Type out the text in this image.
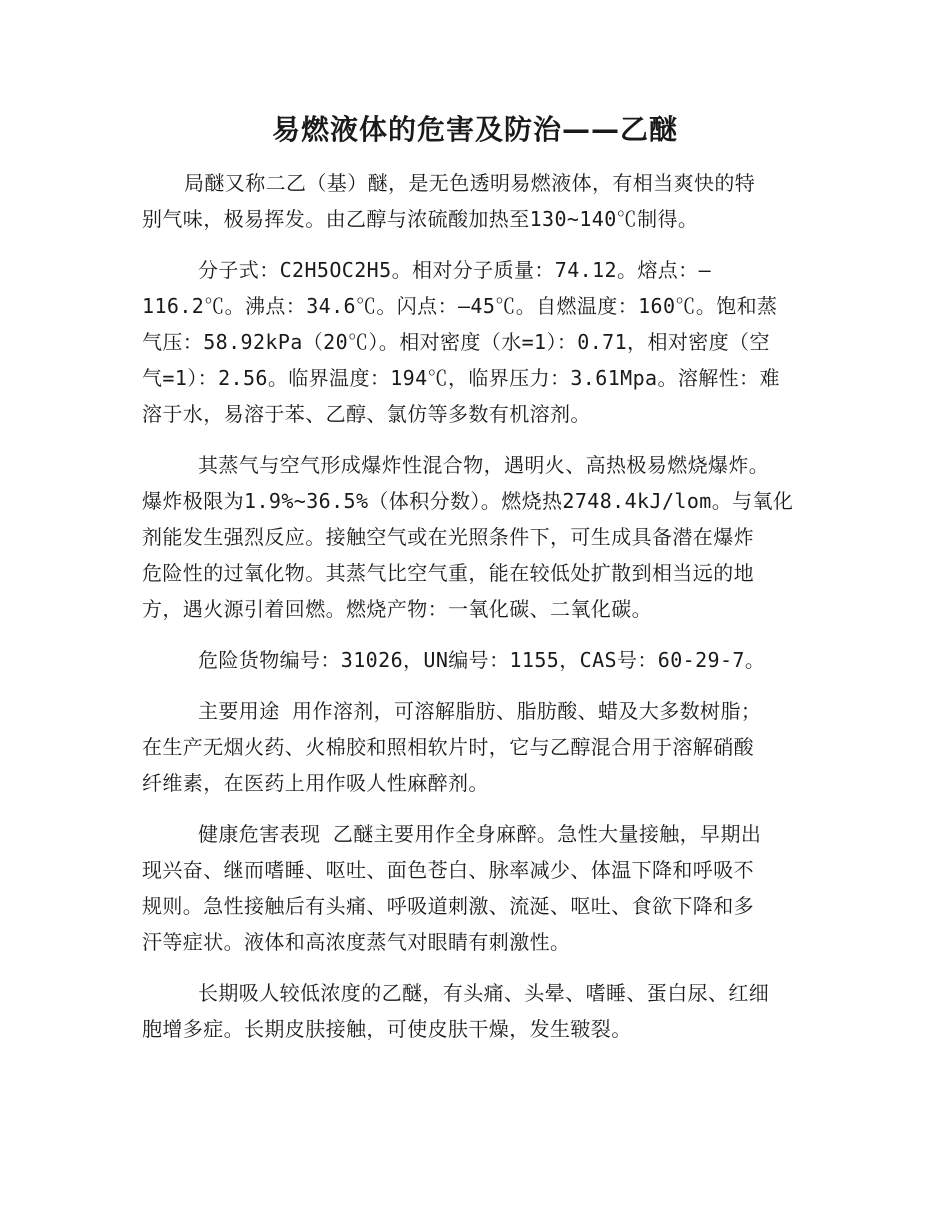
易燃液体的危害及防治——乙醚
局醚又称二乙（基）醚，是无色透明易燃液体，有相当爽快的特
别气味，极易挥发。由乙醇与浓硫酸加热至130~140℃制得。
分子式：C2H5OC2H5。相对分子质量：74.12。熔点：—
116.2℃。沸点：34.6℃。闪点：—45℃。自燃温度：160℃。饱和蒸
气压：58.92kPa（20℃）。相对密度（水=1）：0.71，相对密度（空
气=1）：2.56。临界温度：194℃，临界压力：3.61Mpa。溶解性：难
溶于水，易溶于苯、乙醇、氯仿等多数有机溶剂。
其蒸气与空气形成爆炸性混合物，遇明火、高热极易燃烧爆炸。
爆炸极限为1.9%~36.5%（体积分数）。燃烧热2748.4kJ/lom。与氧化
剂能发生强烈反应。接触空气或在光照条件下，可生成具备潜在爆炸
危险性的过氧化物。其蒸气比空气重，能在较低处扩散到相当远的地
方，遇火源引着回燃。燃烧产物：一氧化碳、二氧化碳。
危险货物编号：31026，UN编号：1155，CAS号：60-29-7。
主要用途 用作溶剂，可溶解脂肪、脂肪酸、蜡及大多数树脂；
在生产无烟火药、火棉胶和照相软片时，它与乙醇混合用于溶解硝酸
纤维素，在医药上用作吸人性麻醉剂。
健康危害表现 乙醚主要用作全身麻醉。急性大量接触，早期出
现兴奋、继而嗜睡、呕吐、面色苍白、脉率减少、体温下降和呼吸不
规则。急性接触后有头痛、呼吸道刺激、流涎、呕吐、食欲下降和多
汗等症状。液体和高浓度蒸气对眼睛有刺激性。
长期吸人较低浓度的乙醚，有头痛、头晕、嗜睡、蛋白尿、红细
胞增多症。长期皮肤接触，可使皮肤干燥，发生皲裂。
